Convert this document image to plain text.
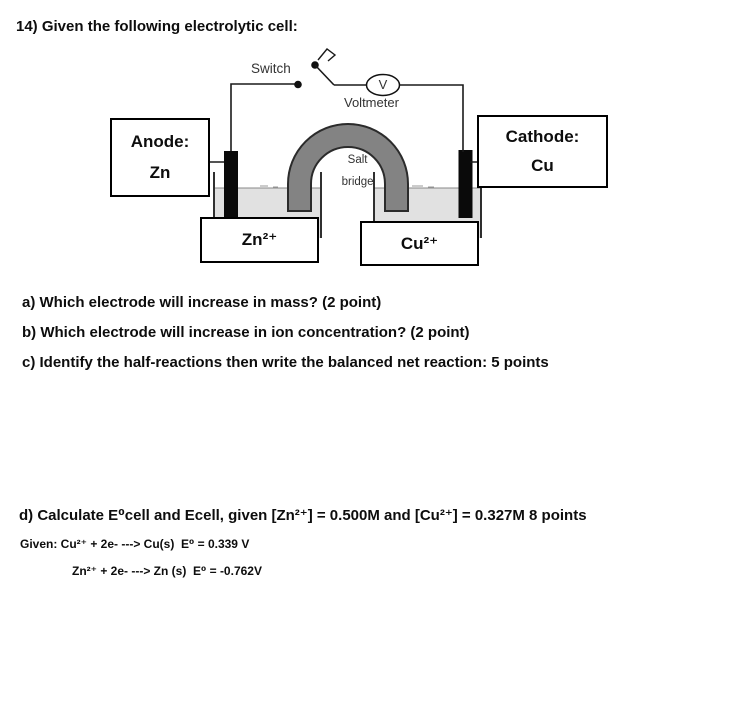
14) Given the following electrolytic cell:
Switch
V
Voltmeter

Salt

bridge

Anode:
Zn
Cathode:
Cu
Zn²⁺	Cu²⁺
a) Which electrode will increase in mass? (2 point)
b) Which electrode will increase in ion concentration? (2 point)
c) Identify the half-reactions then write the balanced net reaction: 5 points
d) Calculate E⁰cell and Ecell, given [Zn²⁺] = 0.500M and [Cu²⁺] = 0.327M 8 points
Given: Cu²⁺ + 2e- ---> Cu(s)  E⁰ = 0.339 V
Zn²⁺ + 2e- ---> Zn (s)  E⁰ = -0.762V
